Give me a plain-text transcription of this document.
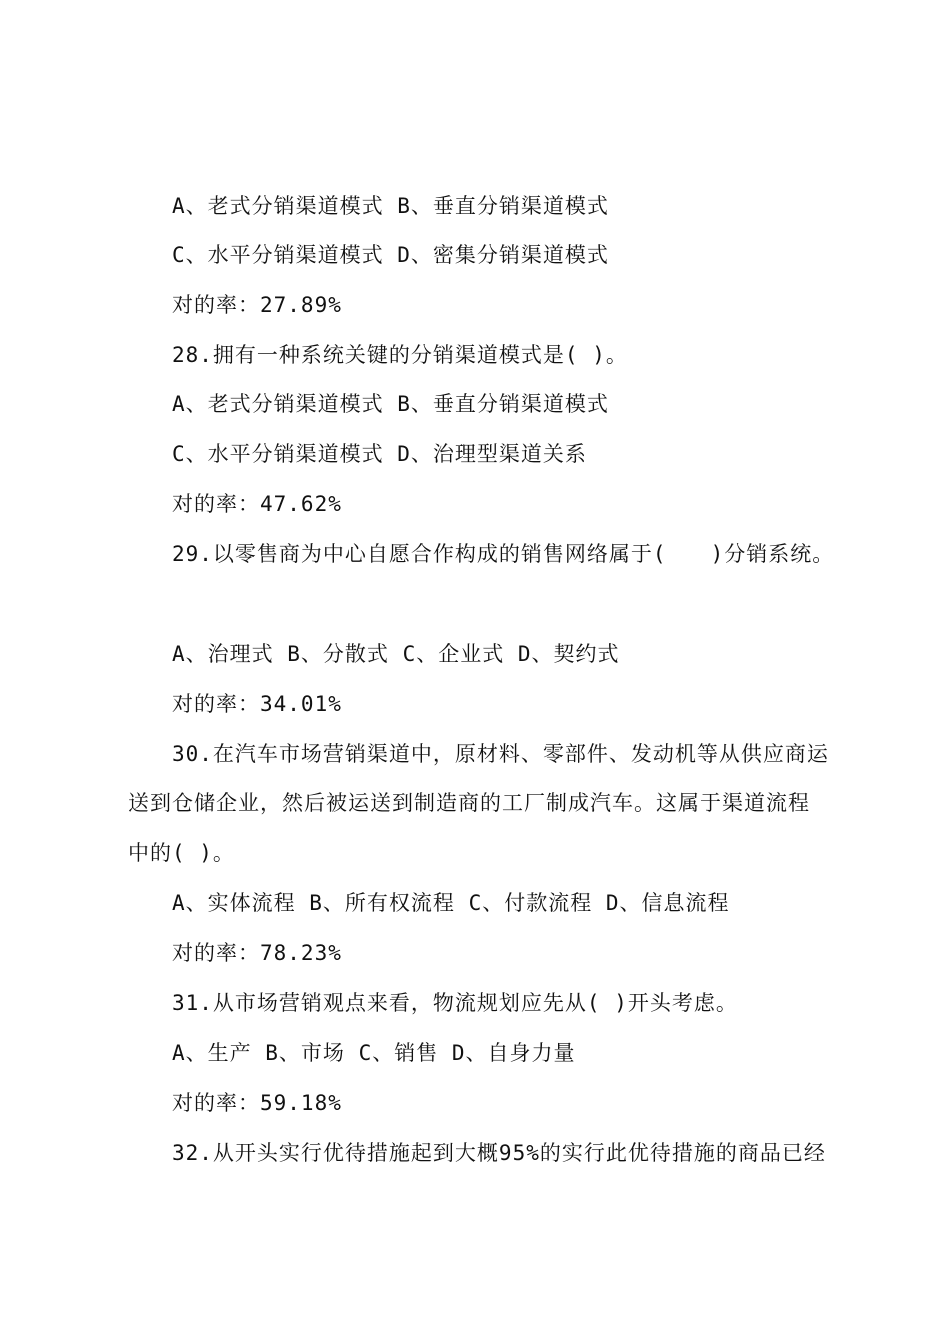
A、老式分销渠道模式 B、垂直分销渠道模式
C、水平分销渠道模式 D、密集分销渠道模式
对的率：27.89%
28.拥有一种系统关键的分销渠道模式是( )。
A、老式分销渠道模式 B、垂直分销渠道模式
C、水平分销渠道模式 D、治理型渠道关系
对的率：47.62%
29.以零售商为中心自愿合作构成的销售网络属于(　　)分销系统。
A、治理式 B、分散式 C、企业式 D、契约式
对的率：34.01%
30.在汽车市场营销渠道中，原材料、零部件、发动机等从供应商运
送到仓储企业，然后被运送到制造商的工厂制成汽车。这属于渠道流程
中的( )。
A、实体流程 B、所有权流程 C、付款流程 D、信息流程
对的率：78.23%
31.从市场营销观点来看，物流规划应先从( )开头考虑。
A、生产 B、市场 C、销售 D、自身力量
对的率：59.18%
32.从开头实行优待措施起到大概95%的实行此优待措施的商品已经
